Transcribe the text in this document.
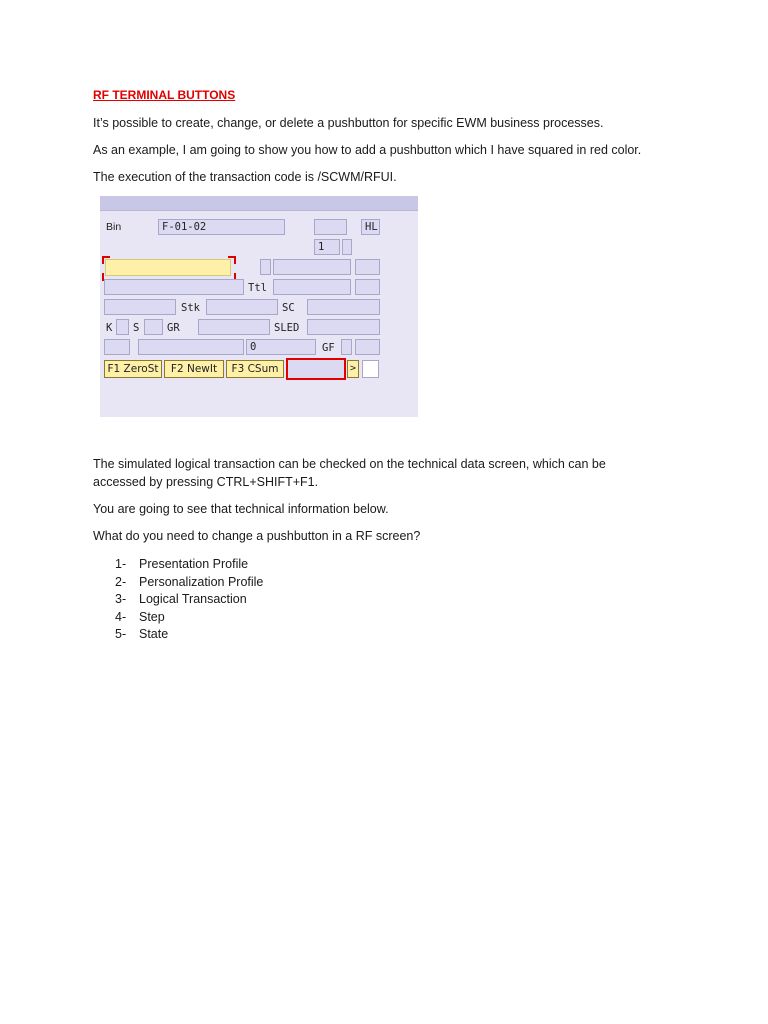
RF TERMINAL BUTTONS
It’s possible to create, change, or delete a pushbutton for specific EWM business processes.
As an example, I am going to show you how to add a pushbutton which I have squared in red color.
The execution of the transaction code is /SCWM/RFUI.
The simulated logical transaction can be checked on the technical data screen, which can be
accessed by pressing CTRL+SHIFT+F1.
You are going to see that technical information below.
What do you need to change a pushbutton in a RF screen?
1- Presentation Profile
2- Personalization Profile
3- Logical Transaction
4- Step
5- State
Bin	F-01-02	HL
1
Ttl
Stk	SC
K S	GR	SLED
0	GF
F1 ZeroSt	F2 NewIt	F3 CSum	>
